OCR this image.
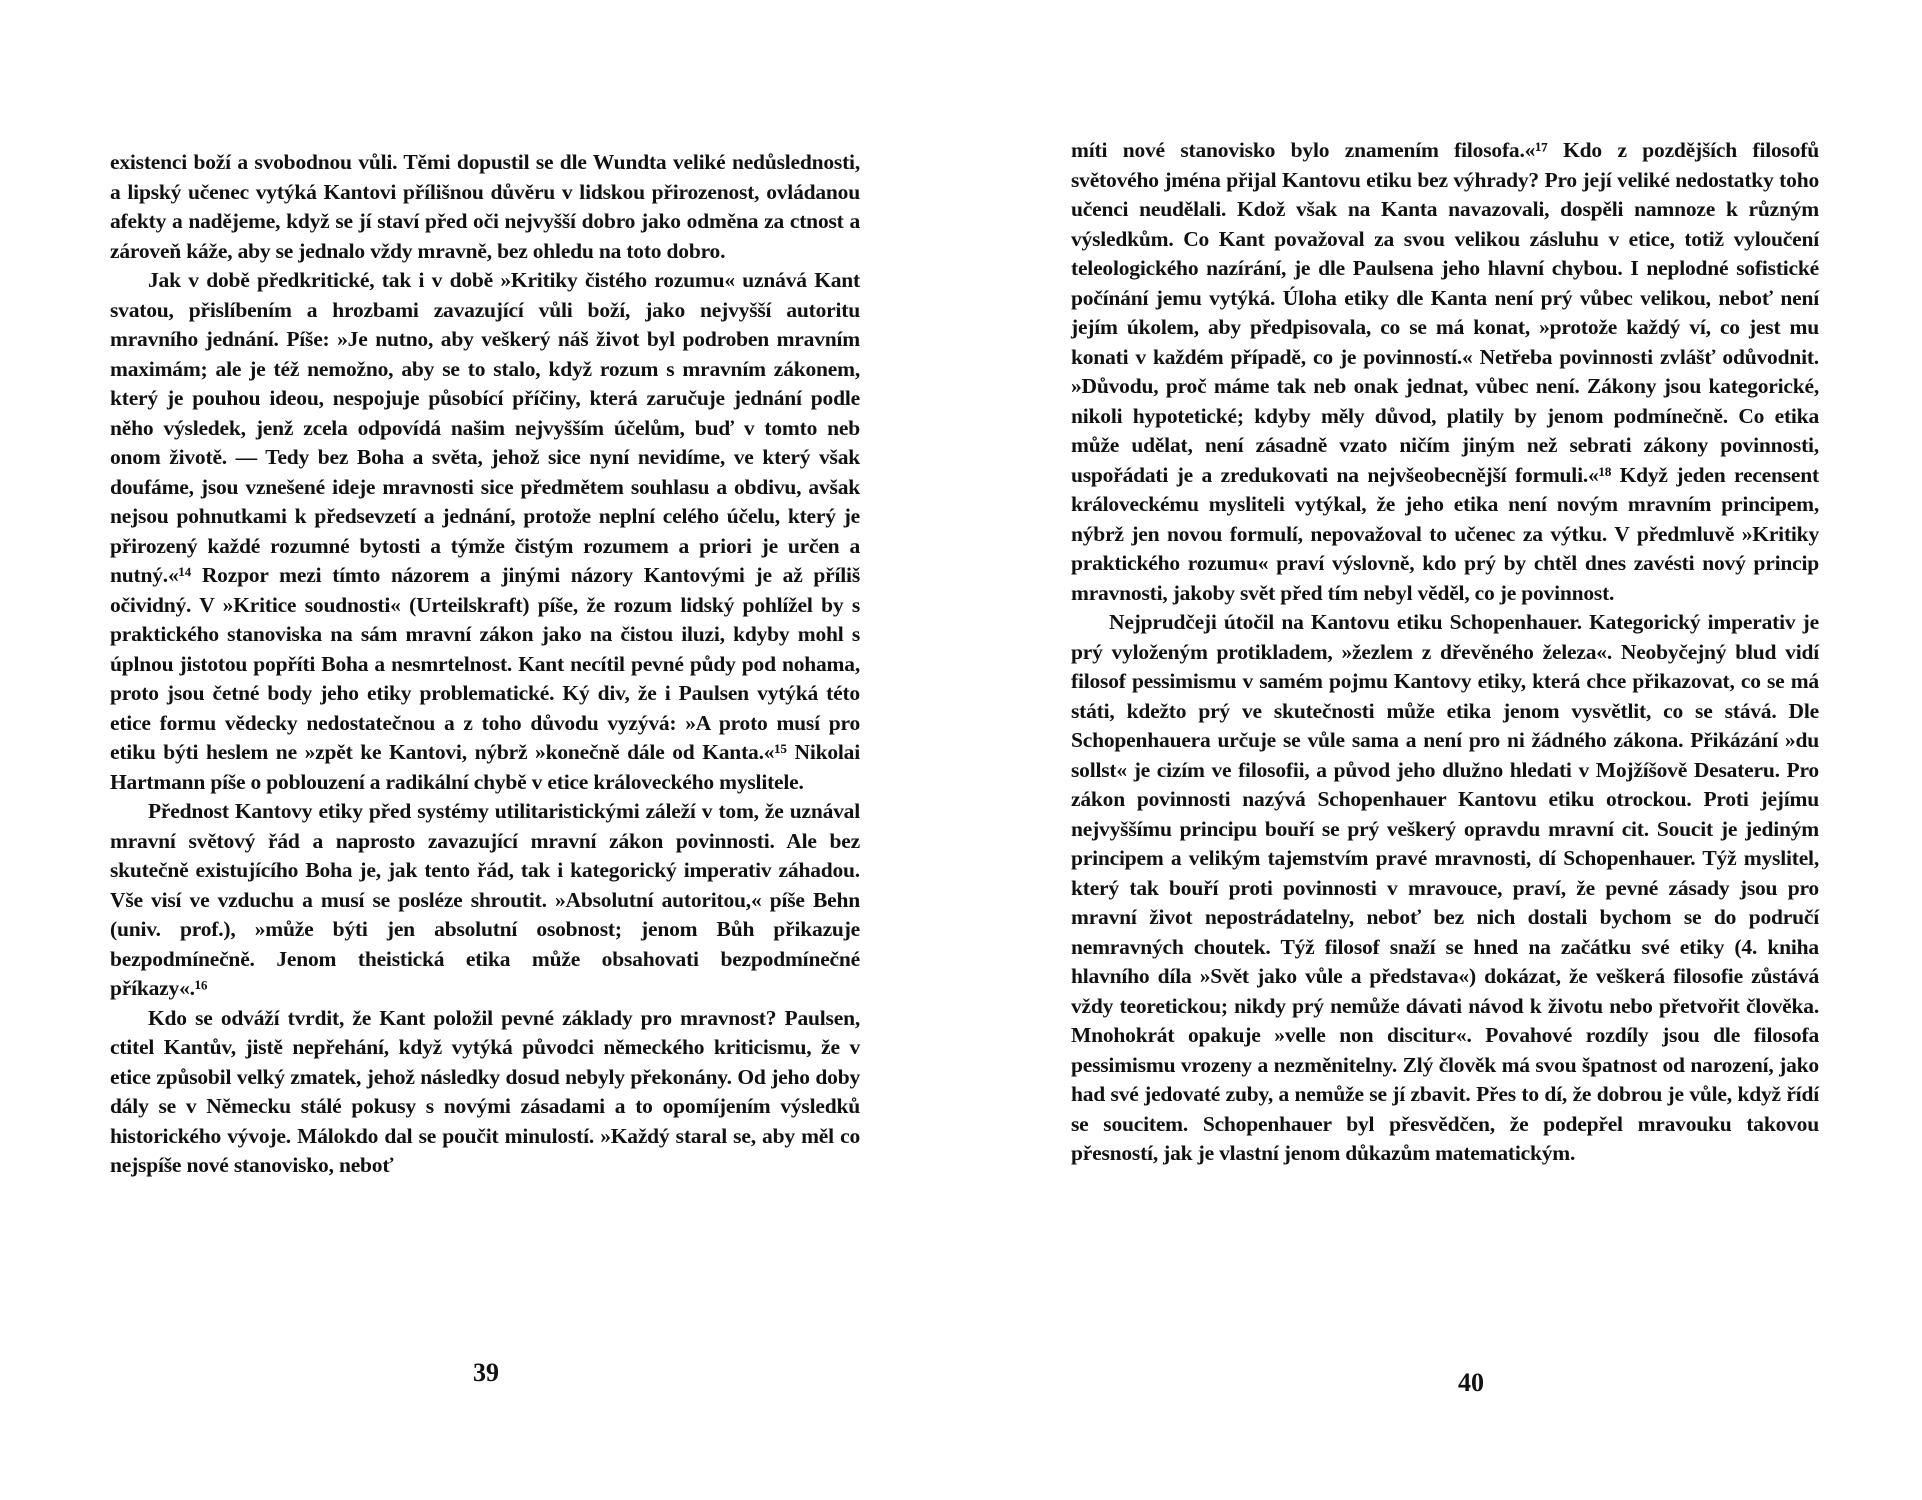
existenci boží a svobodnou vůli. Těmi dopustil se dle Wundta veliké nedůslednosti, a lipský učenec vytýká Kantovi přílišnou důvěru v lidskou přirozenost, ovládanou afekty a nadějeme, když se jí staví před oči nejvyšší dobro jako odměna za ctnost a zároveň káže, aby se jednalo vždy mravně, bez ohledu na toto dobro.

Jak v době předkritické, tak i v době »Kritiky čistého rozumu« uznává Kant svatou, přislíbením a hrozbami zavazující vůli boží, jako nejvyšší autoritu mravního jednání. Píše: »Je nutno, aby veškerý náš život byl podroben mravním maximám; ale je též nemožno, aby se to stalo, když rozum s mravním zákonem, který je pouhou ideou, nespojuje působící příčiny, která zaručuje jednání podle něho výsledek, jenž zcela odpovídá našim nejvyšším účelům, buď v tomto neb onom životě. — Tedy bez Boha a světa, jehož sice nyní nevidíme, ve který však doufáme, jsou vznešené ideje mravnosti sice předmětem souhlasu a obdivu, avšak nejsou pohnutkami k předsevzetí a jednání, protože neplní celého účelu, který je přirozený každé rozumné bytosti a týmže čistým rozumem a priori je určen a nutný.«¹⁴ Rozpor mezi tímto názorem a jinými názory Kantovými je až příliš očividný. V »Kritice soudnosti« (Urteilskraft) píše, že rozum lidský pohlížel by s praktického stanoviska na sám mravní zákon jako na čistou iluzi, kdyby mohl s úplnou jistotou popříti Boha a nesmrtelnost. Kant necítil pevné půdy pod nohama, proto jsou četné body jeho etiky problematické. Ký div, že i Paulsen vytýká této etice formu vědecky nedostatečnou a z toho důvodu vyzývá: »A proto musí pro etiku býti heslem ne »zpět ke Kantovi, nýbrž »konečně dále od Kanta.«¹⁵ Nikolai Hartmann píše o poblouzení a radikální chybě v etice královeckého myslitele.

Přednost Kantovy etiky před systémy utilitaristickými záleží v tom, že uznával mravní světový řád a naprosto zavazující mravní zákon povinnosti. Ale bez skutečně existujícího Boha je, jak tento řád, tak i kategorický imperativ záhadou. Vše visí ve vzduchu a musí se posléze shroutit. »Absolutní autoritou,« píše Behn (univ. prof.), »může býti jen absolutní osobnost; jenom Bůh přikazuje bezpodmínečně. Jenom theistická etika může obsahovati bezpodmínečné příkazy«.¹⁶

Kdo se odváží tvrdit, že Kant položil pevné základy pro mravnost? Paulsen, ctitel Kantův, jistě nepřehání, když vytýká původci německého kriticismu, že v etice způsobil velký zmatek, jehož následky dosud nebyly překonány. Od jeho doby dály se v Německu stálé pokusy s novými zásadami a to opomíjením výsledků historického vývoje. Málokdo dal se poučit minulostí. »Každý staral se, aby měl co nejspíše nové stanovisko, neboť

39

míti nové stanovisko bylo znamením filosofa.«¹⁷ Kdo z pozdějších filosofů světového jména přijal Kantovu etiku bez výhrady? Pro její veliké nedostatky toho učenci neudělali. Kdož však na Kanta navazovali, dospěli namnoze k různým výsledkům. Co Kant považoval za svou velikou zásluhu v etice, totiž vyloučení teleologického nazírání, je dle Paulsena jeho hlavní chybou. I neplodné sofistické počínání jemu vytýká. Úloha etiky dle Kanta není prý vůbec velikou, neboť není jejím úkolem, aby předpisovala, co se má konat, »protože každý ví, co jest mu konati v každém případě, co je povinností.« Netřeba povinnosti zvlášť odůvodnit. »Důvodu, proč máme tak neb onak jednat, vůbec není. Zákony jsou kategorické, nikoli hypotetické; kdyby měly důvod, platily by jenom podmínečně. Co etika může udělat, není zásadně vzato ničím jiným než sebrati zákony povinnosti, uspořádati je a zredukovati na nejvšeobecnější formuli.«¹⁸ Když jeden recensent královeckému mysliteli vytýkal, že jeho etika není novým mravním principem, nýbrž jen novou formulí, nepovažoval to učenec za výtku. V předmluvě »Kritiky praktického rozumu« praví výslovně, kdo prý by chtěl dnes zavésti nový princip mravnosti, jakoby svět před tím nebyl věděl, co je povinnost.

Nejprudčeji útočil na Kantovu etiku Schopenhauer. Kategorický imperativ je prý vyloženým protikladem, »žezlem z dřevěného železa«. Neobyčejný blud vidí filosof pessimismu v samém pojmu Kantovy etiky, která chce přikazovat, co se má státi, kdežto prý ve skutečnosti může etika jenom vysvětlit, co se stává. Dle Schopenhauera určuje se vůle sama a není pro ni žádného zákona. Přikázání »du sollst« je cizím ve filosofii, a původ jeho dlužno hledati v Mojžíšově Desateru. Pro zákon povinnosti nazývá Schopenhauer Kantovu etiku otrockou. Proti jejímu nejvyššímu principu bouří se prý veškerý opravdu mravní cit. Soucit je jediným principem a velikým tajemstvím pravé mravnosti, dí Schopenhauer. Týž myslitel, který tak bouří proti povinnosti v mravouce, praví, že pevné zásady jsou pro mravní život nepostrádatelny, neboť bez nich dostali bychom se do područí nemravných choutek. Týž filosof snaží se hned na začátku své etiky (4. kniha hlavního díla »Svět jako vůle a představa«) dokázat, že veškerá filosofie zůstává vždy teoretickou; nikdy prý nemůže dávati návod k životu nebo přetvořit člověka. Mnohokrát opakuje »velle non discitur«. Povahové rozdíly jsou dle filosofa pessimismu vrozeny a nezměnitelny. Zlý člověk má svou špatnost od narození, jako had své jedovaté zuby, a nemůže se jí zbavit. Přes to dí, že dobrou je vůle, když řídí se soucitem. Schopenhauer byl přesvědčen, že podepřel mravouku takovou přesností, jak je vlastní jenom důkazům matematickým.

40
